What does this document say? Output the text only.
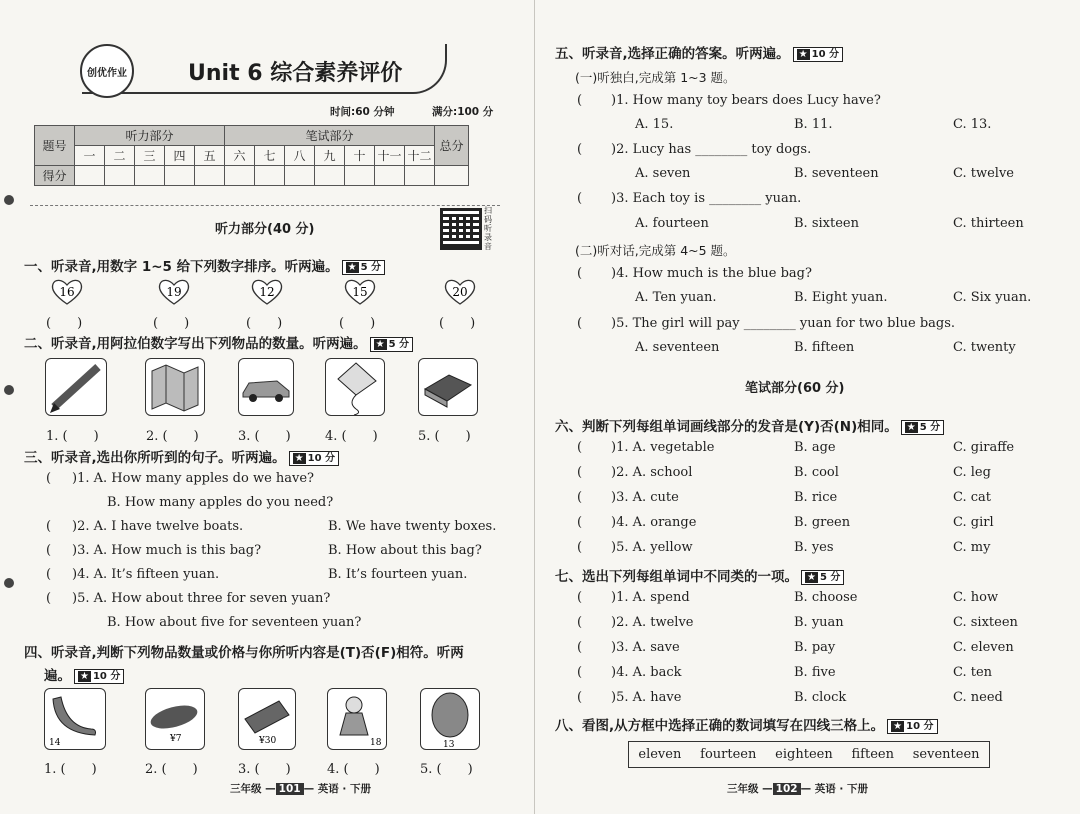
创优作业	Unit 6 综合素养评价
时间:60 分钟	满分:100 分
题号	听力部分					笔试部分							总分
	一	二	三	四	五	六	七	八	九	十	十一	十二	
得分													
听力部分(40 分)
扫码听录音
一、听录音,用数字 1~5 给下列数字排序。听两遍。 ★ 5 分
16
(　　)
19
(　　)
12
(　　)
15
(　　)
20
(　　)
二、听录音,用阿拉伯数字写出下列物品的数量。听两遍。 ★ 5 分
1. (　　)	2. (　　)	3. (　　)	4. (　　)	5. (　　)
三、听录音,选出你所听到的句子。听两遍。 ★ 10 分
( )1. A. How many apples do we have?
B. How many apples do you need?
( )2. A. I have twelve boats.	B. We have twenty boxes.
( )3. A. How much is this bag?	B. How about this bag?
( )4. A. It’s fifteen yuan.	B. It’s fourteen yuan.
( )5. A. How about three for seven yuan?
B. How about five for seventeen yuan?
四、听录音,判断下列物品数量或价格与你所听内容是(T)否(F)相符。听两
遍。 ★ 10 分
14	¥7	¥30	18	13
1. (　　)	2. (　　)	3. (　　)	4. (　　)	5. (　　)
三年级 — 101 — 英语 · 下册
五、听录音,选择正确的答案。听两遍。 ★ 10 分
(一)听独白,完成第 1~3 题。
( )1. How many toy bears does Lucy have?
A. 15.	B. 11.	C. 13.
( )2. Lucy has ________ toy dogs.
A. seven	B. seventeen	C. twelve
( )3. Each toy is ________ yuan.
A. fourteen	B. sixteen	C. thirteen
(二)听对话,完成第 4~5 题。
( )4. How much is the blue bag?
A. Ten yuan.	B. Eight yuan.	C. Six yuan.
( )5. The girl will pay ________ yuan for two blue bags.
A. seventeen	B. fifteen	C. twenty
笔试部分(60 分)
六、判断下列每组单词画线部分的发音是(Y)否(N)相同。 ★ 5 分
( )1. A. vegetable	B. age	C. giraffe
( )2. A. school	B. cool	C. leg
( )3. A. cute	B. rice	C. cat
( )4. A. orange	B. green	C. girl
( )5. A. yellow	B. yes	C. my
七、选出下列每组单词中不同类的一项。 ★ 5 分
( )1. A. spend	B. choose	C. how
( )2. A. twelve	B. yuan	C. sixteen
( )3. A. save	B. pay	C. eleven
( )4. A. back	B. five	C. ten
( )5. A. have	B. clock	C. need
八、看图,从方框中选择正确的数词填写在四线三格上。 ★ 10 分
三年级 — 102 — 英语 · 下册
eleven fourteen eighteen fifteen seventeen
